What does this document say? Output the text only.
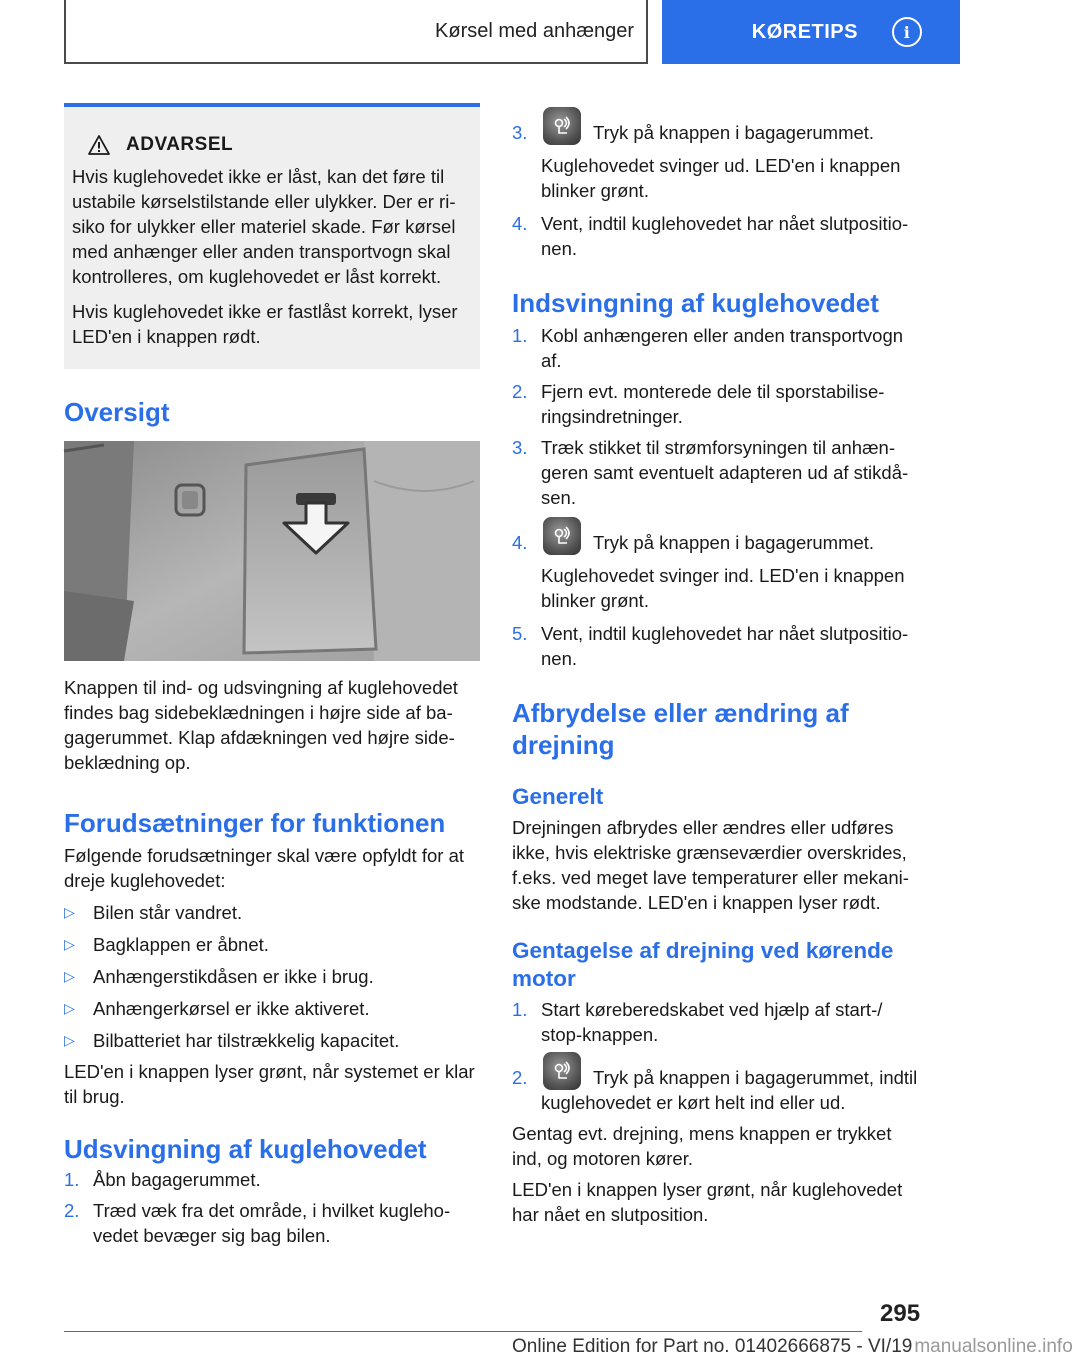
Kørsel med anhænger	KØRETIPS	i
ADVARSEL

Hvis kuglehovedet ikke er låst, kan det føre til ustabile kørselstilstande eller ulykker. Der er risiko for ulykker eller materiel skade. Før kørsel med anhænger eller anden transportvogn skal kontrolleres, om kuglehovedet er låst korrekt.

Hvis kuglehovedet ikke er fastlåst korrekt, lyser LED'en i knappen rødt.

Oversigt

Knappen til ind- og udsvingning af kuglehovedet findes bag sidebeklædningen i højre side af bagagerummet. Klap afdækningen ved højre sidebeklædning op.

Forudsætninger for funktionen

Følgende forudsætninger skal være opfyldt for at dreje kuglehovedet:

▷ Bilen står vandret.
▷ Bagklappen er åbnet.
▷ Anhængerstikdåsen er ikke i brug.
▷ Anhængerkørsel er ikke aktiveret.
▷ Bilbatteriet har tilstrækkelig kapacitet.

LED'en i knappen lyser grønt, når systemet er klar til brug.

Udsvingning af kuglehovedet
1. Åbn bagagerummet.
2. Træd væk fra det område, i hvilket kuglehovedet bevæger sig bag bilen.
3.	Tryk på knappen i bagagerummet.
Kuglehovedet svinger ud. LED'en i knappen blinker grønt.
4. Vent, indtil kuglehovedet har nået slutpositionen.
Indsvingning af kuglehovedet
1. Kobl anhængeren eller anden transportvogn af.
2. Fjern evt. monterede dele til sporstabiliseringsindretninger.
3. Træk stikket til strømforsyningen til anhængeren samt eventuelt adapteren ud af stikdåsen.
4.	Tryk på knappen i bagagerummet.
Kuglehovedet svinger ind. LED'en i knappen blinker grønt.
5. Vent, indtil kuglehovedet har nået slutpositionen.
Afbrydelse eller ændring af drejning
Generelt

Drejningen afbrydes eller ændres eller udføres ikke, hvis elektriske grænseværdier overskrides, f.eks. ved meget lave temperaturer eller mekaniske modstande. LED'en i knappen lyser rødt.

Gentagelse af drejning ved kørende motor
1. Start køreberedskabet ved hjælp af start-/ stop-knappen.
2.	Tryk på knappen i bagagerummet, indtil kuglehovedet er kørt helt ind eller ud.

Gentag evt. drejning, mens knappen er trykket ind, og motoren kører.

LED'en i knappen lyser grønt, når kuglehovedet har nået en slutposition.

295
Online Edition for Part no. 01402666875 - VI/19 manualsonline.info
